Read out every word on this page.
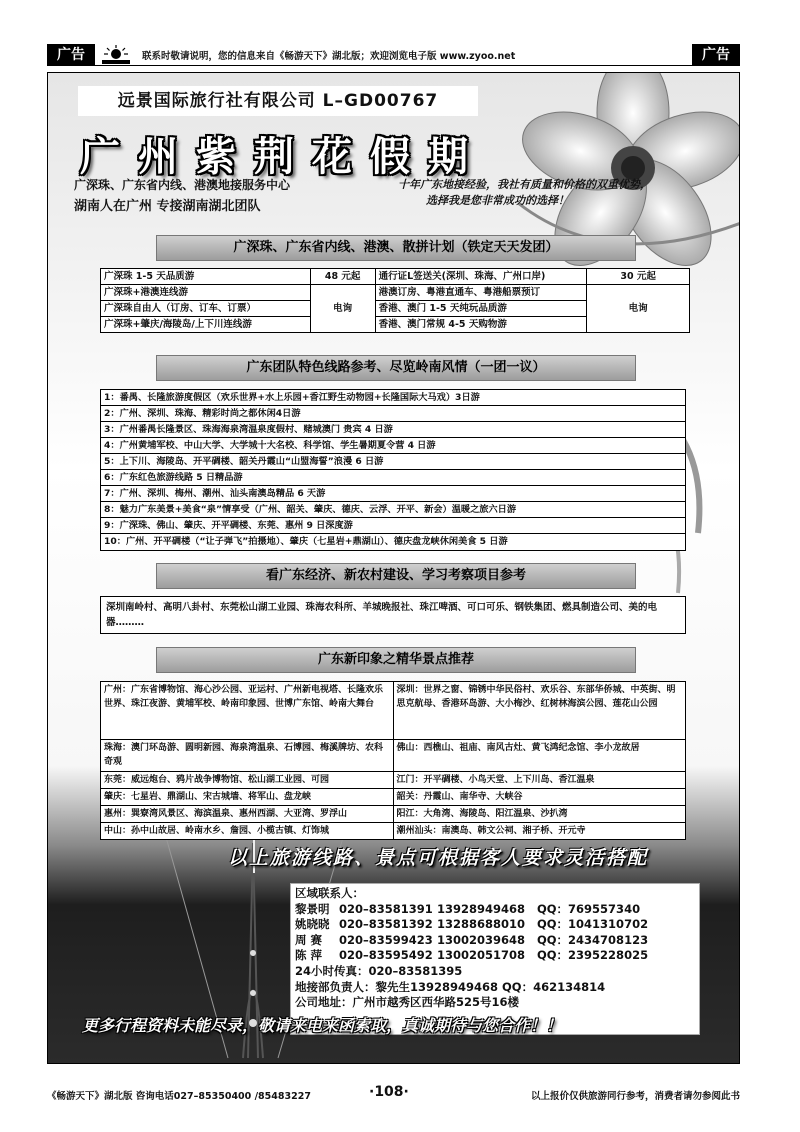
广告	联系时敬请说明，您的信息来自《畅游天下》湖北版；欢迎浏览电子版 www.zyoo.net	广告
远景国际旅行社有限公司 L–GD00767
广州紫荆花假期
广深珠、广东省内线、港澳地接服务中心
湖南人在广州 专接湖南湖北团队
十年广东地接经验，我社有质量和价格的双重优势，
选择我是您非常成功的选择！
广深珠、广东省内线、港澳、散拼计划（铁定天天发团）
广深珠 1-5 天品质游	48 元起	通行证L签送关(深圳、珠海、广州口岸)	30 元起
广深珠+港澳连线游	电询	港澳订房、粤港直通车、粤港船票预订	电询
广深珠自由人（订房、订车、订票）		香港、澳门 1-5 天纯玩品质游	
广深珠+肇庆/海陵岛/上下川连线游		香港、澳门常规 4-5 天购物游	
广东团队特色线路参考、尽览岭南风情（一团一议）
1：番禺、长隆旅游度假区（欢乐世界+水上乐园+香江野生动物园+长隆国际大马戏）3日游
2：广州、深圳、珠海、精彩时尚之都休闲4日游
3：广州番禺长隆景区、珠海海泉湾温泉度假村、赌城澳门 贵宾 4 日游
4：广州黄埔军校、中山大学、大学城十大名校、科学馆、学生暑期夏令营 4 日游
5：上下川、海陵岛、开平碉楼、韶关丹霞山“山盟海誓”浪漫 6 日游
6：广东红色旅游线路 5 日精品游
7：广州、深圳、梅州、潮州、汕头南澳岛精品 6 天游
8：魅力广东美景+美食“泉”情享受（广州、韶关、肇庆、德庆、云浮、开平、新会）温暖之旅六日游
9：广深珠、佛山、肇庆、开平碉楼、东莞、惠州 9 日深度游
10：广州、开平碉楼（“让子弹飞”拍摄地）、肇庆（七星岩+鼎湖山）、德庆盘龙峡休闲美食 5 日游
看广东经济、新农村建设、学习考察项目参考
深圳南岭村、高明八卦村、东莞松山湖工业园、珠海农科所、羊城晚报社、珠江啤酒、可口可乐、钢铁集团、燃具制造公司、美的电器………
广东新印象之精华景点推荐
广州：广东省博物馆、海心沙公园、亚运村、广州新电视塔、长隆欢乐世界、珠江夜游、黄埔军校、岭南印象园、世博广东馆、岭南大舞台	深圳：世界之窗、锦锈中华民俗村、欢乐谷、东部华侨城、中英街、明思克航母、香港环岛游、大小梅沙、红树林海滨公园、莲花山公园
珠海：澳门环岛游、圆明新园、海泉湾温泉、石博园、梅溪牌坊、农科奇观	佛山：西樵山、祖庙、南风古灶、黄飞鸿纪念馆、李小龙故居
东莞：威远炮台、鸦片战争博物馆、松山湖工业园、可园	江门：开平碉楼、小鸟天堂、上下川岛、香江温泉
肇庆：七星岩、鼎湖山、宋古城墙、将军山、盘龙峡	韶关：丹霞山、南华寺、大峡谷
惠州：巽寮湾风景区、海滨温泉、惠州西湖、大亚湾、罗浮山	阳江：大角湾、海陵岛、阳江温泉、沙扒湾
中山：孙中山故居、岭南水乡、詹园、小榄古镇、灯饰城	潮州汕头：南澳岛、韩文公祠、湘子桥、开元寺
以上旅游线路、景点可根据客人要求灵活搭配
区域联系人：
黎景明 020–83581391 13928949468 QQ：769557340
姚晓晓 020–83581392 13288688010 QQ：1041310702
周 赛 020–83599423 13002039648 QQ：2434708123
陈 萍 020–83595492 13002051708 QQ：2395228025
24小时传真：020–83581395
地接部负责人：黎先生13928949468 QQ：462134814
公司地址：广州市越秀区西华路525号16楼
更多行程资料未能尽录，敬请来电来函索取，真诚期待与您合作！！
《畅游天下》湖北版 咨询电话027–85350400 /85483227	·108·	以上报价仅供旅游同行参考，消费者请勿参阅此书
